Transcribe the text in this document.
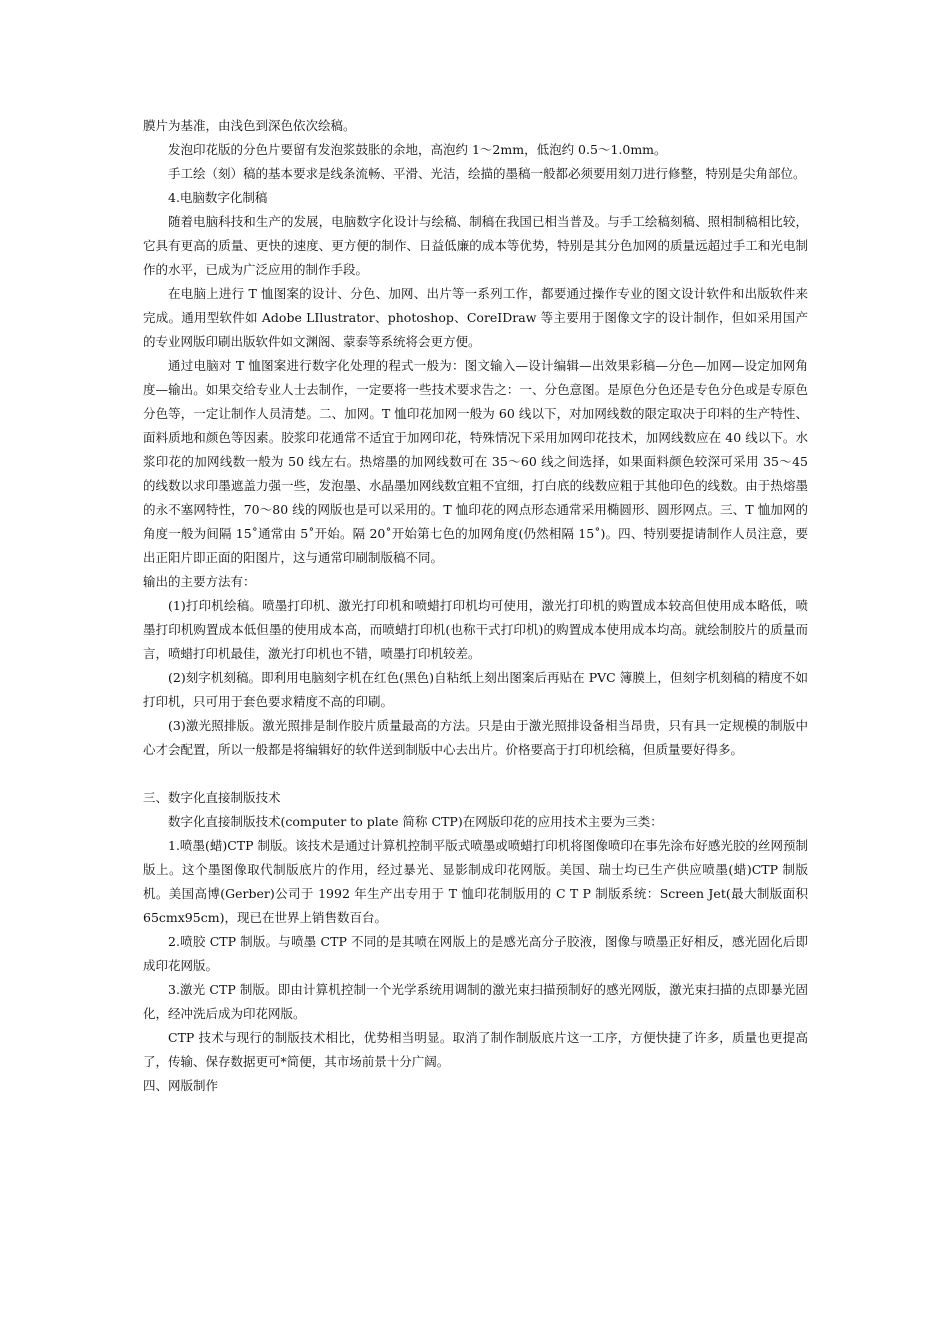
膜片为基准，由浅色到深色依次绘稿。

发泡印花版的分色片要留有发泡浆鼓胀的余地，高泡约 1～2mm，低泡约 0.5～1.0mm。

手工绘（刻）稿的基本要求是线条流畅、平滑、光洁，绘描的墨稿一般都必须要用刻刀进行修整，特别是尖角部位。

4.电脑数字化制稿

随着电脑科技和生产的发展，电脑数字化设计与绘稿、制稿在我国已相当普及。与手工绘稿刻稿、照相制稿相比较，它具有更高的质量、更快的速度、更方便的制作、日益低廉的成本等优势，特别是其分色加网的质量远超过手工和光电制作的水平，已成为广泛应用的制作手段。

在电脑上进行 T 恤图案的设计、分色、加网、出片等一系列工作，都要通过操作专业的图文设计软件和出版软件来完成。通用型软件如 Adobe LIlustrator、photoshop、CoreIDraw 等主要用于图像文字的设计制作，但如采用国产的专业网版印刷出版软件如文渊阁、蒙泰等系统将会更方便。

通过电脑对 T 恤图案进行数字化处理的程式一般为：图文输入—设计编辑—出效果彩稿—分色—加网—设定加网角度—输出。如果交给专业人士去制作，一定要将一些技术要求告之：一、分色意图。是原色分色还是专色分色或是专原色分色等，一定让制作人员清楚。二、加网。T 恤印花加网一般为 60 线以下，对加网线数的限定取决于印料的生产特性、面料质地和颜色等因素。胶浆印花通常不适宜于加网印花，特殊情况下采用加网印花技术，加网线数应在 40 线以下。水浆印花的加网线数一般为 50 线左右。热熔墨的加网线数可在 35～60 线之间选择，如果面料颜色较深可采用 35～45 的线数以求印墨遮盖力强一些，发泡墨、水晶墨加网线数宜粗不宜细，打白底的线数应粗于其他印色的线数。由于热熔墨的永不塞网特性，70～80 线的网版也是可以采用的。T 恤印花的网点形态通常采用椭圆形、圆形网点。三、T 恤加网的角度一般为间隔 15˚通常由 5˚开始。隔 20˚开始第七色的加网角度(仍然相隔 15˚)。四、特别要提请制作人员注意，要出正阳片即正面的阳图片，这与通常印刷制版稿不同。

输出的主要方法有：

(1)打印机绘稿。喷墨打印机、激光打印机和喷蜡打印机均可使用，激光打印机的购置成本较高但使用成本略低，喷墨打印机购置成本低但墨的使用成本高，而喷蜡打印机(也称干式打印机)的购置成本使用成本均高。就绘制胶片的质量而言，喷蜡打印机最佳，激光打印机也不错，喷墨打印机较差。

(2)刻字机刻稿。即利用电脑刻字机在红色(黑色)自粘纸上刻出图案后再贴在 PVC 簿膜上，但刻字机刻稿的精度不如打印机，只可用于套色要求精度不高的印刷。

(3)激光照排版。激光照排是制作胶片质量最高的方法。只是由于激光照排设备相当昂贵，只有具一定规模的制版中心才会配置，所以一般都是将编辑好的软件送到制版中心去出片。价格要高于打印机绘稿，但质量要好得多。

三、数字化直接制版技术

数字化直接制版技术(computer to plate 简称 CTP)在网版印花的应用技术主要为三类：

1.喷墨(蜡)CTP 制版。该技术是通过计算机控制平版式喷墨或喷蜡打印机将图像喷印在事先涂布好感光胶的丝网预制版上。这个墨图像取代制版底片的作用，经过暴光、显影制成印花网版。美国、瑞士均已生产供应喷墨(蜡)CTP 制版机。美国高博(Gerber)公司于 1992 年生产出专用于 T 恤印花制版用的 C T P 制版系统：Screen Jet(最大制版面积 65cmx95cm)，现已在世界上销售数百台。

2.喷胶 CTP 制版。与喷墨 CTP 不同的是其喷在网版上的是感光高分子胶液，图像与喷墨正好相反，感光固化后即成印花网版。

3.激光 CTP 制版。即由计算机控制一个光学系统用调制的激光束扫描预制好的感光网版，激光束扫描的点即暴光固化，经冲洗后成为印花网版。

CTP 技术与现行的制版技术相比，优势相当明显。取消了制作制版底片这一工序，方便快捷了许多，质量也更提高了，传输、保存数据更可*简便，其市场前景十分广阔。

四、网版制作
